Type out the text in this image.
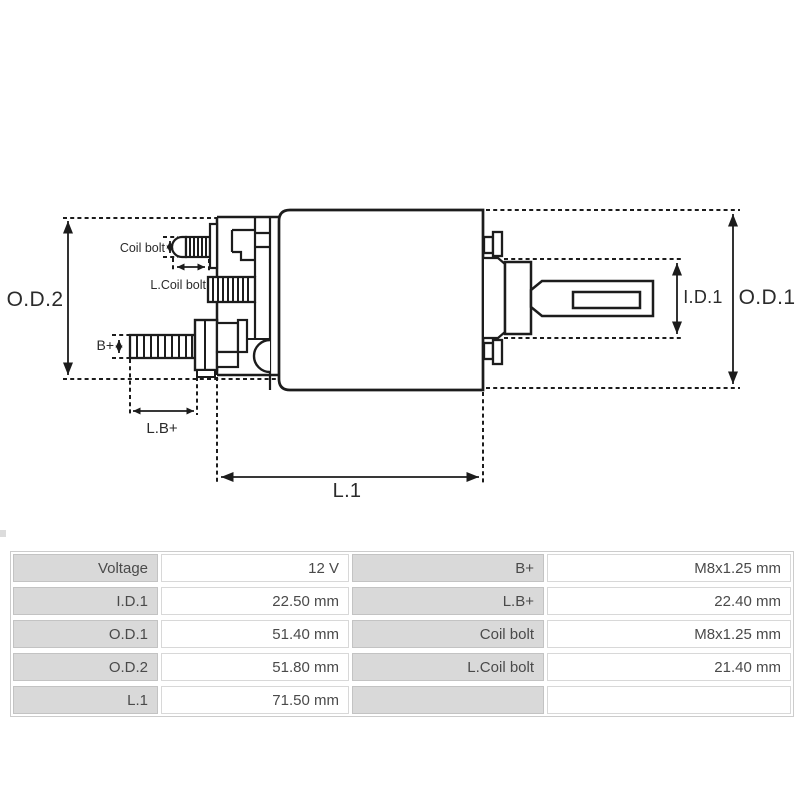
O.D.2	O.D.1
I.D.1
L.1
L.B+
B+
Coil bolt
L.Coil bolt
Voltage	12 V	B+	M8x1.25 mm
I.D.1	22.50 mm	L.B+	22.40 mm
O.D.1	51.40 mm	Coil bolt	M8x1.25 mm
O.D.2	51.80 mm	L.Coil bolt	21.40 mm
L.1	71.50 mm
